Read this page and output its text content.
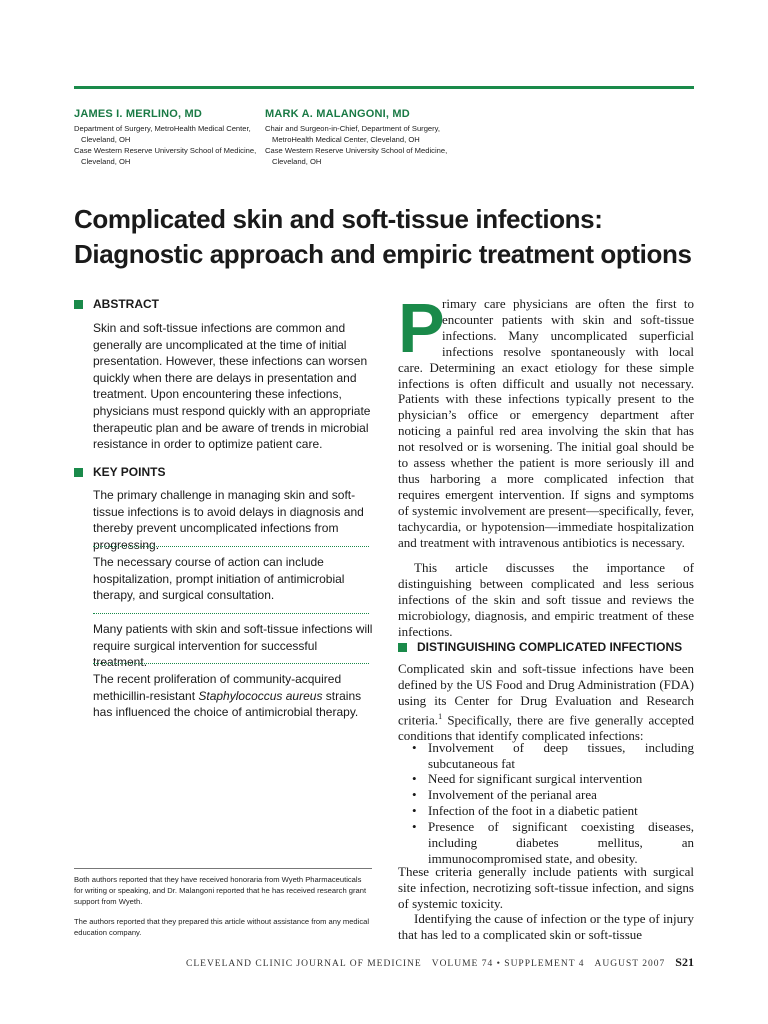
JAMES I. MERLINO, MD
Department of Surgery, MetroHealth Medical Center,
Cleveland, OH
Case Western Reserve University School of Medicine,
Cleveland, OH
MARK A. MALANGONI, MD
Chair and Surgeon-in-Chief, Department of Surgery,
MetroHealth Medical Center, Cleveland, OH
Case Western Reserve University School of Medicine,
Cleveland, OH
Complicated skin and soft-tissue infections:
Diagnostic approach and empiric treatment options
ABSTRACT
Skin and soft-tissue infections are common and generally are uncomplicated at the time of initial presentation. However, these infections can worsen quickly when there are delays in presentation and treatment. Upon encountering these infections, physicians must respond quickly with an appropriate therapeutic plan and be aware of trends in microbial resistance in order to optimize patient care.
KEY POINTS
The primary challenge in managing skin and soft-tissue infections is to avoid delays in diagnosis and thereby prevent uncomplicated infections from progressing.
The necessary course of action can include hospitalization, prompt initiation of antimicrobial therapy, and surgical consultation.
Many patients with skin and soft-tissue infections will require surgical intervention for successful treatment.
The recent proliferation of community-acquired methicillin-resistant Staphylococcus aureus strains has influenced the choice of antimicrobial therapy.
Both authors reported that they have received honoraria from Wyeth Pharmaceuticals for writing or speaking, and Dr. Malangoni reported that he has received research grant support from Wyeth.
The authors reported that they prepared this article without assistance from any medical education company.
P

rimary care physicians are often the first to encounter patients with skin and soft-tissue infections. Many uncomplicated superficial infections resolve spontaneously with local care. Determining an exact etiology for these simple infections is often difficult and usually not necessary. Patients with these infections typically present to the physician’s office or emergency department after noticing a painful red area involving the skin that has not resolved or is worsening. The initial goal should be to assess whether the patient is more seriously ill and thus harboring a more complicated infection that requires emergent intervention. If signs and symptoms of systemic involvement are present—specifically, fever, tachycardia, or hypotension—immediate hospitalization and treatment with intravenous antibiotics is necessary.

This article discusses the importance of distinguishing between complicated and less serious infections of the skin and soft tissue and reviews the microbiology, diagnosis, and empiric treatment of these infections.
DISTINGUISHING COMPLICATED INFECTIONS
Complicated skin and soft-tissue infections have been defined by the US Food and Drug Administration (FDA) using its Center for Drug Evaluation and Research criteria.$^1$ Specifically, there are five generally accepted conditions that identify complicated infections:
• Involvement of deep tissues, including subcutaneous fat
• Need for significant surgical intervention
• Involvement of the perianal area
• Infection of the foot in a diabetic patient
• Presence of significant coexisting diseases, including diabetes mellitus, an immunocompromised state, and obesity.
These criteria generally include patients with surgical site infection, necrotizing soft-tissue infection, and signs of systemic toxicity.
Identifying the cause of infection or the type of injury that has led to a complicated skin or soft-tissue
CLEVELAND CLINIC JOURNAL OF MEDICINE VOLUME 74 • SUPPLEMENT 4 AUGUST 2007 S21
